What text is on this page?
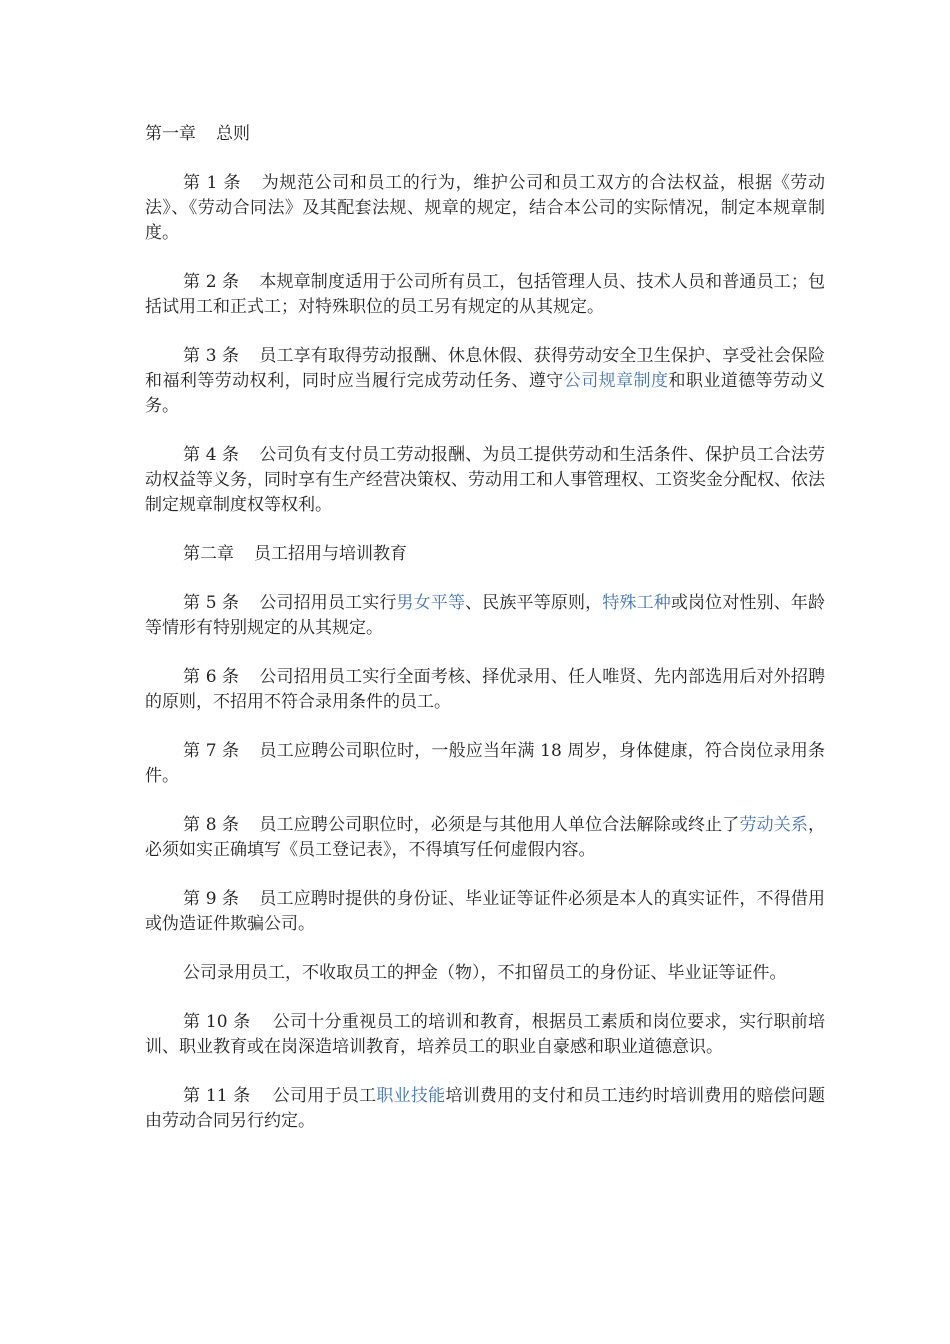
第一章 总则

第 1 条 为规范公司和员工的行为，维护公司和员工双方的合法权益，根据《劳动法》、《劳动合同法》及其配套法规、规章的规定，结合本公司的实际情况，制定本规章制度。

第 2 条 本规章制度适用于公司所有员工，包括管理人员、技术人员和普通员工；包括试用工和正式工；对特殊职位的员工另有规定的从其规定。

第 3 条 员工享有取得劳动报酬、休息休假、获得劳动安全卫生保护、享受社会保险和福利等劳动权利，同时应当履行完成劳动任务、遵守公司规章制度和职业道德等劳动义务。

第 4 条 公司负有支付员工劳动报酬、为员工提供劳动和生活条件、保护员工合法劳动权益等义务，同时享有生产经营决策权、劳动用工和人事管理权、工资奖金分配权、依法制定规章制度权等权利。

第二章 员工招用与培训教育

第 5 条 公司招用员工实行男女平等、民族平等原则，特殊工种或岗位对性别、年龄等情形有特别规定的从其规定。

第 6 条 公司招用员工实行全面考核、择优录用、任人唯贤、先内部选用后对外招聘的原则，不招用不符合录用条件的员工。

第 7 条 员工应聘公司职位时，一般应当年满 18 周岁，身体健康，符合岗位录用条件。

第 8 条 员工应聘公司职位时，必须是与其他用人单位合法解除或终止了劳动关系，必须如实正确填写《员工登记表》，不得填写任何虚假内容。

第 9 条 员工应聘时提供的身份证、毕业证等证件必须是本人的真实证件，不得借用或伪造证件欺骗公司。

公司录用员工，不收取员工的押金（物），不扣留员工的身份证、毕业证等证件。

第 10 条 公司十分重视员工的培训和教育，根据员工素质和岗位要求，实行职前培训、职业教育或在岗深造培训教育，培养员工的职业自豪感和职业道德意识。

第 11 条 公司用于员工职业技能培训费用的支付和员工违约时培训费用的赔偿问题由劳动合同另行约定。
